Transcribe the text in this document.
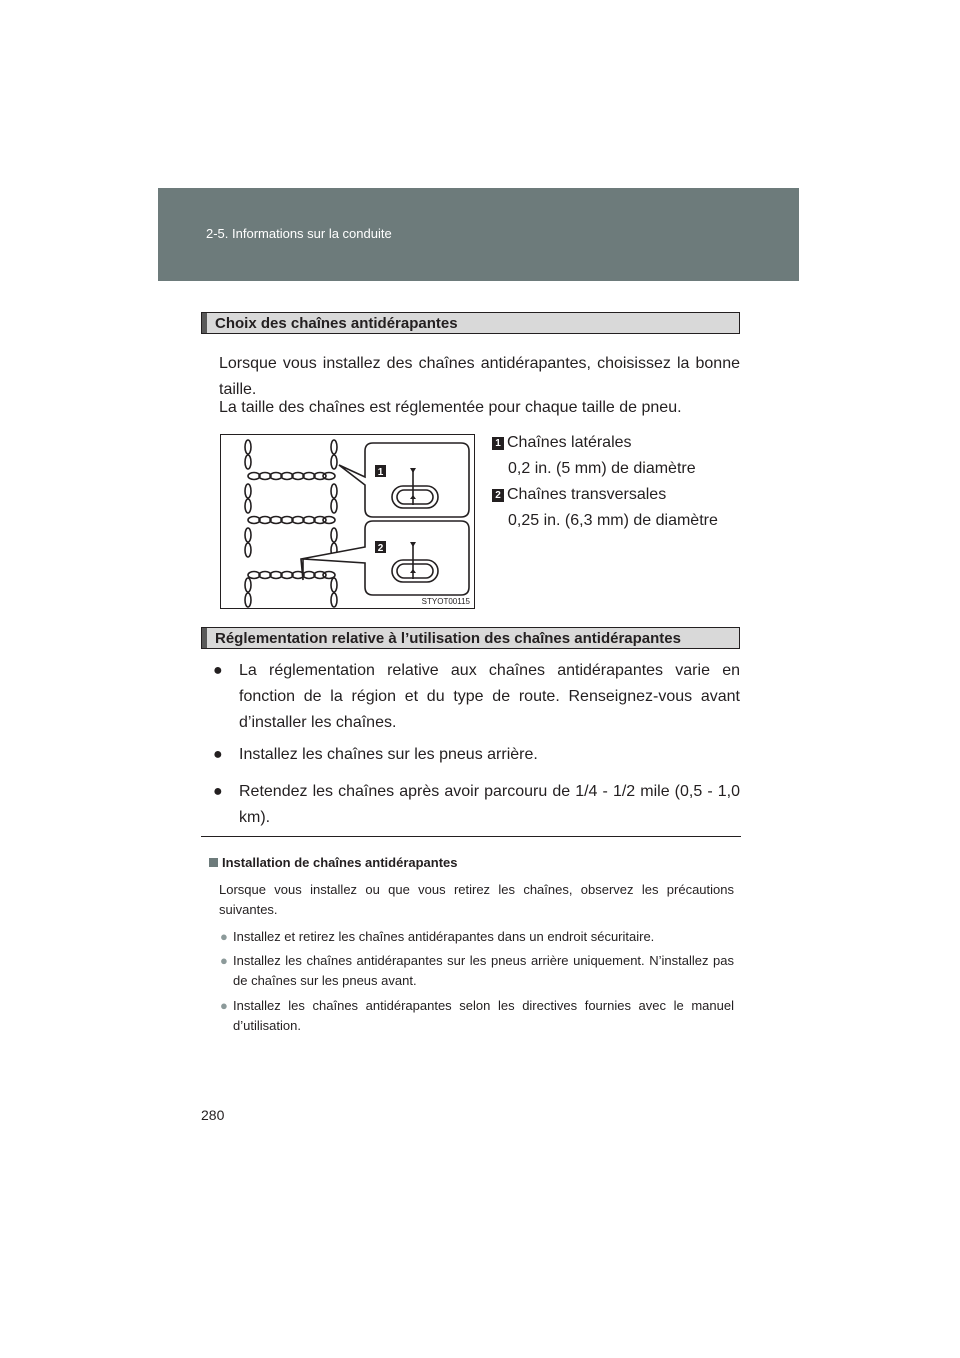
2-5. Informations sur la conduite
Choix des chaînes antidérapantes
Lorsque vous installez des chaînes antidérapantes, choisissez la bonne taille.
La taille des chaînes est réglementée pour chaque taille de pneu.
1
2
STYOT00115
1 Chaînes latérales
0,2 in. (5 mm) de diamètre
2 Chaînes transversales
0,25 in. (6,3 mm) de diamètre
Réglementation relative à l’utilisation des chaînes antidérapantes
● La réglementation relative aux chaînes antidérapantes varie en fonction de la région et du type de route. Renseignez-vous avant d’installer les chaînes.
● Installez les chaînes sur les pneus arrière.
● Retendez les chaînes après avoir parcouru de 1/4 - 1/2 mile (0,5 - 1,0 km).
Installation de chaînes antidérapantes
Lorsque vous installez ou que vous retirez les chaînes, observez les précautions suivantes.
● Installez et retirez les chaînes antidérapantes dans un endroit sécuritaire.
● Installez les chaînes antidérapantes sur les pneus arrière uniquement. N’installez pas de chaînes sur les pneus avant.
● Installez les chaînes antidérapantes selon les directives fournies avec le manuel d’utilisation.
280
